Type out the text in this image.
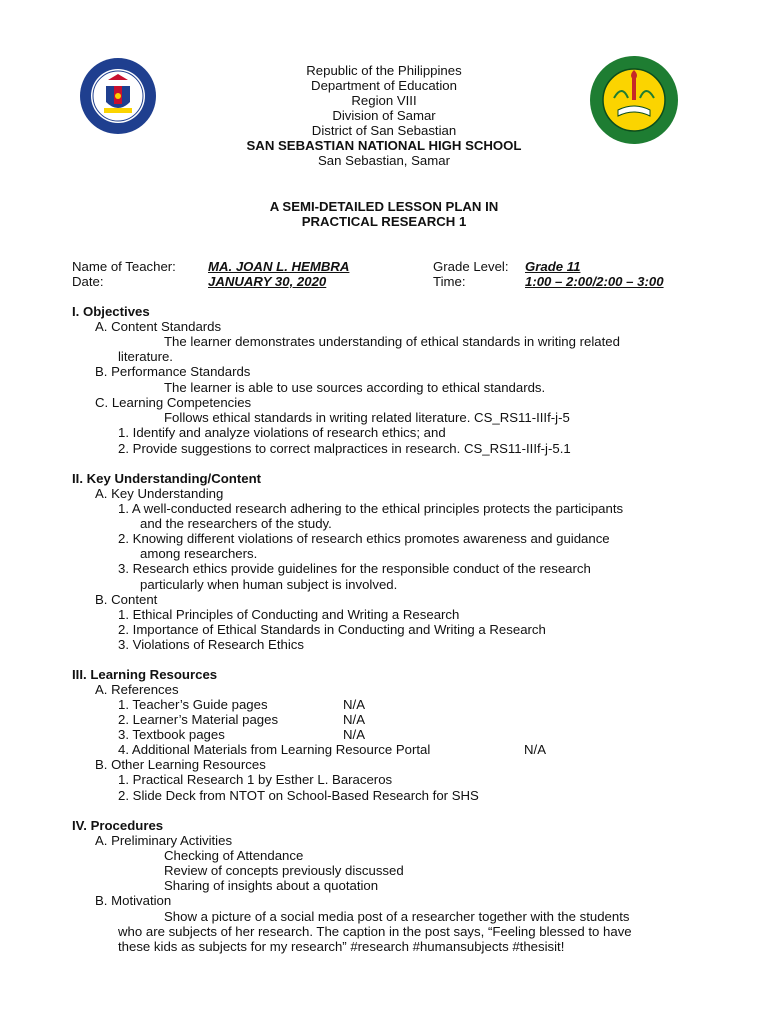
Republic of the Philippines
Department of Education
Region VIII
Division of Samar
District of San Sebastian
SAN SEBASTIAN NATIONAL HIGH SCHOOL
San Sebastian, Samar
A SEMI-DETAILED LESSON PLAN IN
PRACTICAL RESEARCH 1
Name of Teacher: MA. JOAN L. HEMBRA	Grade Level: Grade 11
Date:	JANUARY 30, 2020	Time:	1:00 – 2:00/2:00 – 3:00
I. Objectives
A. Content Standards
The learner demonstrates understanding of ethical standards in writing related
literature.
B. Performance Standards
The learner is able to use sources according to ethical standards.
C. Learning Competencies
Follows ethical standards in writing related literature. CS_RS11-IIIf-j-5
1. Identify and analyze violations of research ethics; and
2. Provide suggestions to correct malpractices in research. CS_RS11-IIIf-j-5.1
II. Key Understanding/Content
A. Key Understanding
1. A well-conducted research adhering to the ethical principles protects the participants
and the researchers of the study.
2. Knowing different violations of research ethics promotes awareness and guidance
among researchers.
3. Research ethics provide guidelines for the responsible conduct of the research
particularly when human subject is involved.
B. Content
1. Ethical Principles of Conducting and Writing a Research
2. Importance of Ethical Standards in Conducting and Writing a Research
3. Violations of Research Ethics
III. Learning Resources
A. References
1. Teacher’s Guide pages	N/A
2. Learner’s Material pages	N/A
3. Textbook pages	N/A
4. Additional Materials from Learning Resource Portal	N/A
B. Other Learning Resources
1. Practical Research 1 by Esther L. Baraceros
2. Slide Deck from NTOT on School-Based Research for SHS
IV. Procedures
A. Preliminary Activities
Checking of Attendance
Review of concepts previously discussed
Sharing of insights about a quotation
B. Motivation
Show a picture of a social media post of a researcher together with the students
who are subjects of her research. The caption in the post says, “Feeling blessed to have
these kids as subjects for my research” #research #humansubjects #thesisit!
